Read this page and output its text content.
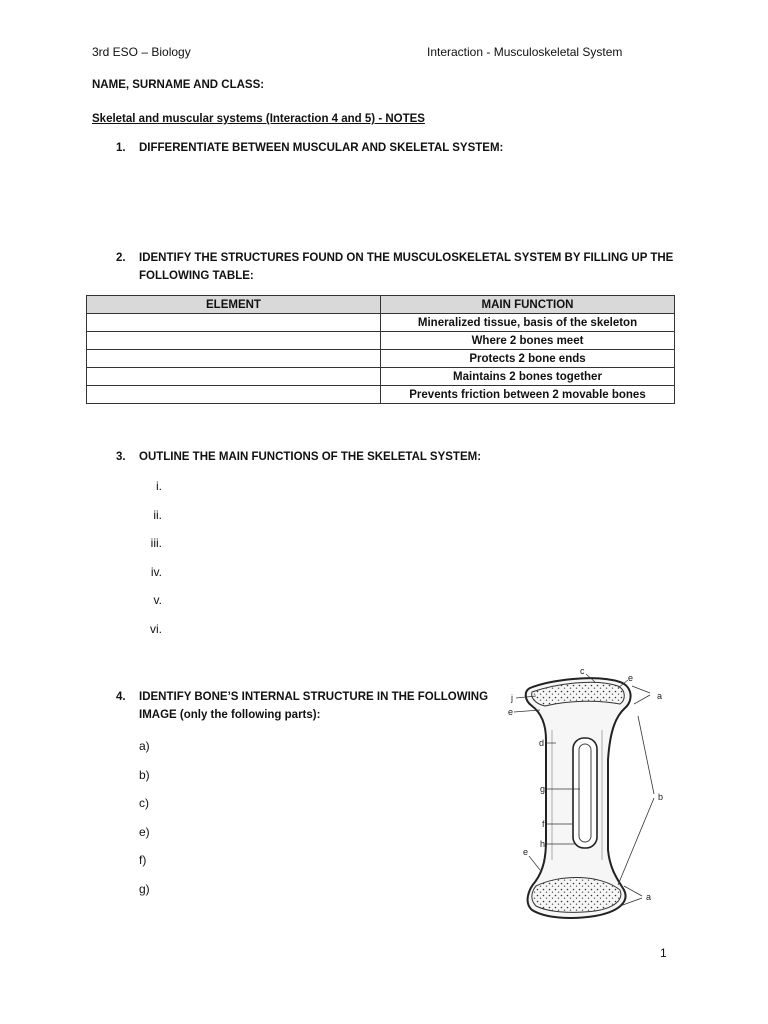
3rd ESO – Biology	Interaction - Musculoskeletal System
NAME, SURNAME AND CLASS:
Skeletal and muscular systems (Interaction 4 and 5) - NOTES
1. DIFFERENTIATE BETWEEN MUSCULAR AND SKELETAL SYSTEM:
2. IDENTIFY THE STRUCTURES FOUND ON THE MUSCULOSKELETAL SYSTEM BY FILLING UP THE
FOLLOWING TABLE:
ELEMENT	MAIN FUNCTION
	Mineralized tissue, basis of the skeleton
	Where 2 bones meet
	Protects 2 bone ends
	Maintains 2 bones together
	Prevents friction between 2 movable bones
3. OUTLINE THE MAIN FUNCTIONS OF THE SKELETAL SYSTEM:
i.
ii.
iii.
iv.
v.
vi.
4. IDENTIFY BONE’S INTERNAL STRUCTURE IN THE FOLLOWING
IMAGE (only the following parts):
a)
b)
c)
e)
f)
g)
c
e
a
j
e
d
b
g
f
h
e
a
1
